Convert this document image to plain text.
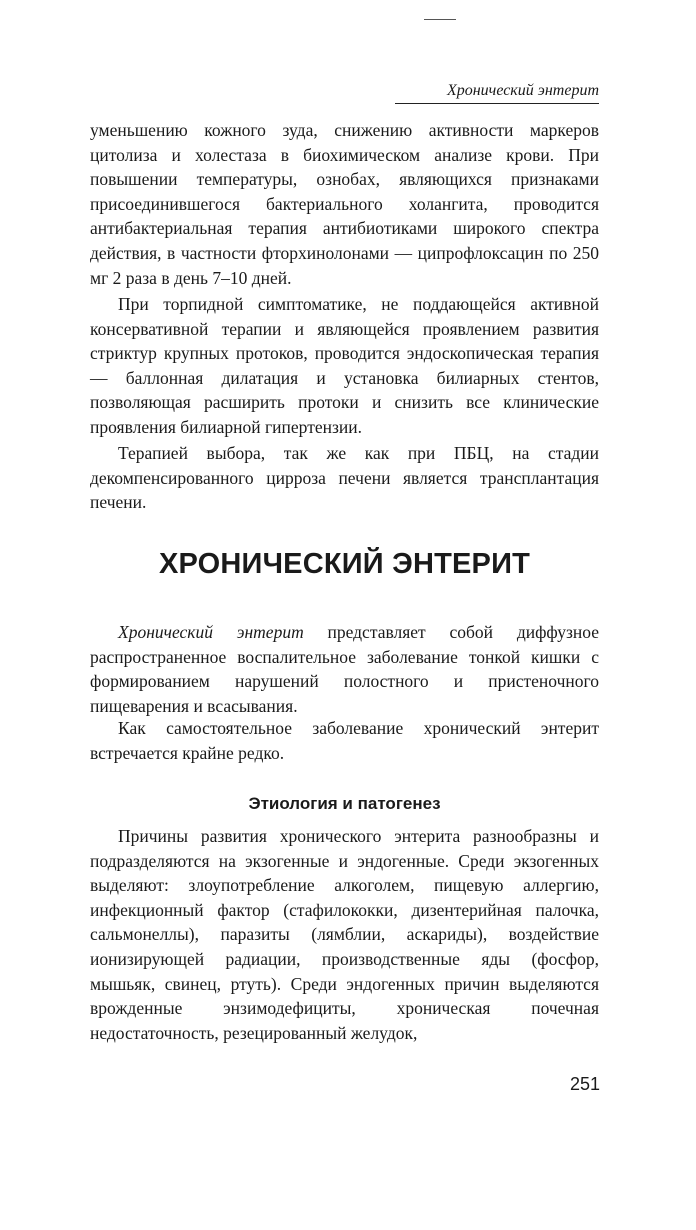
Хронический энтерит

уменьшению кожного зуда, снижению активности маркеров цитолиза и холестаза в биохимическом анализе крови. При повышении температуры, ознобах, являющихся признаками присоединившегося бактериального холангита, проводится антибактериальная терапия антибиотиками широкого спектра действия, в частности фторхинолонами — ципрофлоксацин по 250 мг 2 раза в день 7–10 дней.

При торпидной симптоматике, не поддающейся активной консервативной терапии и являющейся проявлением развития стриктур крупных протоков, проводится эндоскопическая терапия — баллонная дилатация и установка билиарных стентов, позволяющая расширить протоки и снизить все клинические проявления билиарной гипертензии.

Терапией выбора, так же как при ПБЦ, на стадии декомпенсированного цирроза печени является трансплантация печени.

ХРОНИЧЕСКИЙ ЭНТЕРИТ

Хронический энтерит представляет собой диффузное распространенное воспалительное заболевание тонкой кишки с формированием нарушений полостного и пристеночного пищеварения и всасывания.

Как самостоятельное заболевание хронический энтерит встречается крайне редко.

Этиология и патогенез

Причины развития хронического энтерита разнообразны и подразделяются на экзогенные и эндогенные. Среди экзогенных выделяют: злоупотребление алкоголем, пищевую аллергию, инфекционный фактор (стафилококки, дизентерийная палочка, сальмонеллы), паразиты (лямблии, аскариды), воздействие ионизирующей радиации, производственные яды (фосфор, мышьяк, свинец, ртуть). Среди эндогенных причин выделяются врожденные энзимодефициты, хроническая почечная недостаточность, резецированный желудок,

251
